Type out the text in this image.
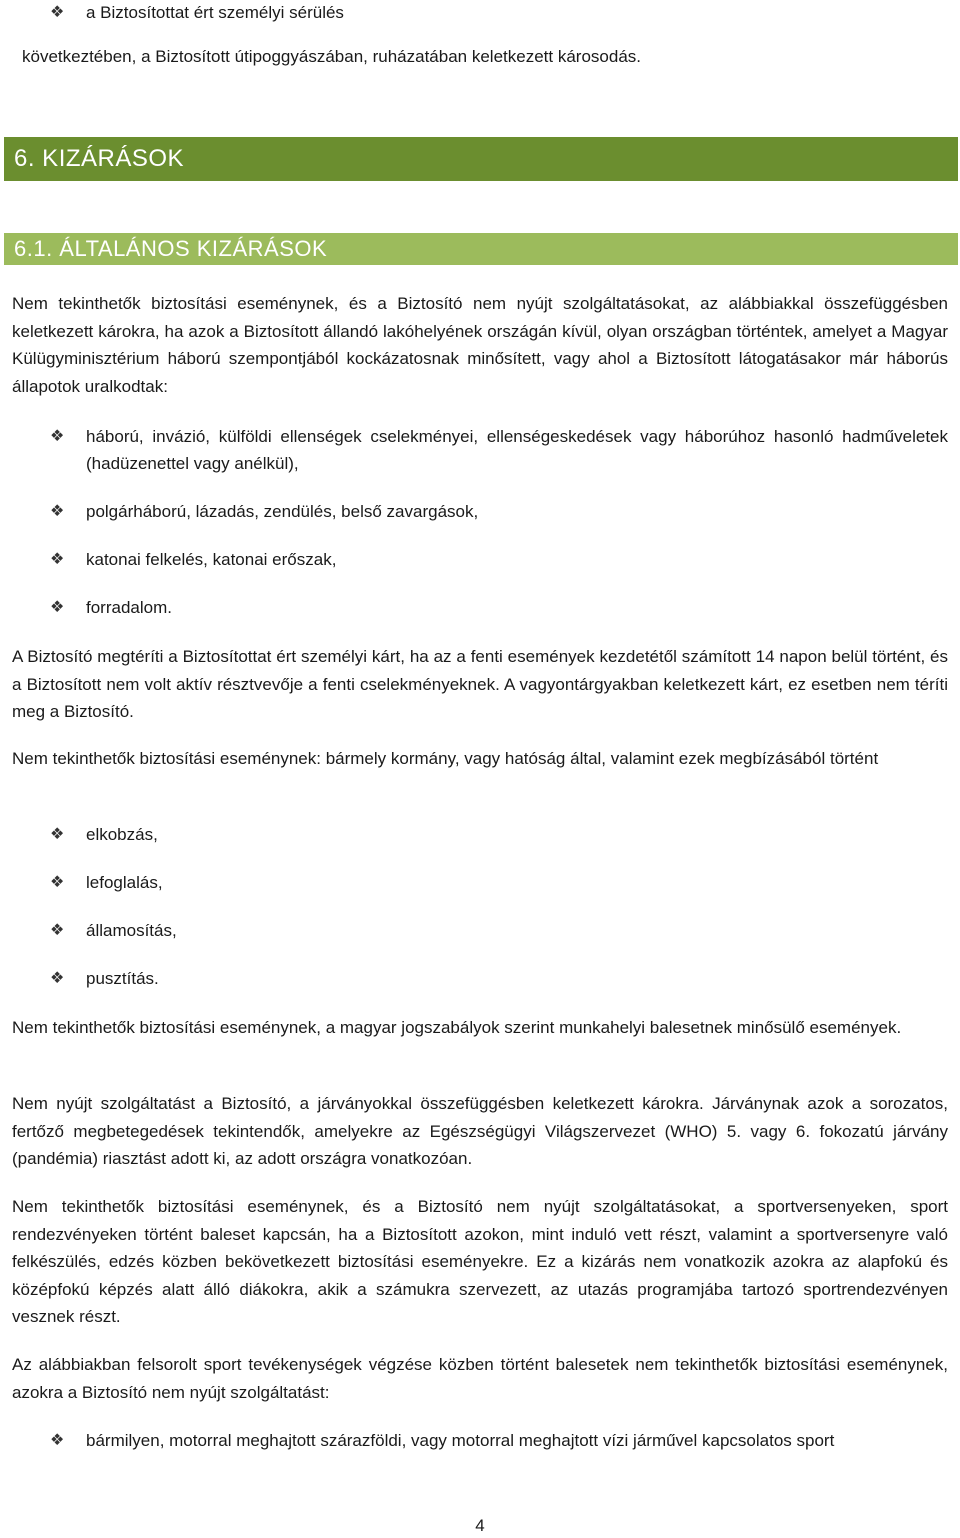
❖	a Biztosítottat ért személyi sérülés
következtében, a Biztosított útipoggyászában, ruházatában keletkezett károsodás.
6. KIZÁRÁSOK
6.1. ÁLTALÁNOS KIZÁRÁSOK
Nem tekinthetők biztosítási eseménynek, és a Biztosító nem nyújt szolgáltatásokat, az alábbiakkal összefüggésben keletkezett károkra, ha azok a Biztosított állandó lakóhelyének országán kívül, olyan országban történtek, amelyet a Magyar Külügyminisztérium háború szempontjából kockázatosnak minősített, vagy ahol a Biztosított látogatásakor már háborús állapotok uralkodtak:
❖	háború, invázió, külföldi ellenségek cselekményei, ellenségeskedések vagy háborúhoz hasonló hadműveletek (hadüzenettel vagy anélkül),
❖	polgárháború, lázadás, zendülés, belső zavargások,
❖	katonai felkelés, katonai erőszak,
❖	forradalom.
A Biztosító megtéríti a Biztosítottat ért személyi kárt, ha az a fenti események kezdetétől számított 14 napon belül történt, és a Biztosított nem volt aktív résztvevője a fenti cselekményeknek. A vagyontárgyakban keletkezett kárt, ez esetben nem téríti meg a Biztosító.
Nem tekinthetők biztosítási eseménynek: bármely kormány, vagy hatóság által, valamint ezek megbízásából történt
❖	elkobzás,
❖	lefoglalás,
❖	államosítás,
❖	pusztítás.
Nem tekinthetők biztosítási eseménynek, a magyar jogszabályok szerint munkahelyi balesetnek minősülő események.
Nem nyújt szolgáltatást a Biztosító, a járványokkal összefüggésben keletkezett károkra. Járványnak azok a sorozatos, fertőző megbetegedések tekintendők, amelyekre az Egészségügyi Világszervezet (WHO) 5. vagy 6. fokozatú járvány (pandémia) riasztást adott ki, az adott országra vonatkozóan.
Nem tekinthetők biztosítási eseménynek, és a Biztosító nem nyújt szolgáltatásokat, a sportversenyeken, sport rendezvényeken történt baleset kapcsán, ha a Biztosított azokon, mint induló vett részt, valamint a sportversenyre való felkészülés, edzés közben bekövetkezett biztosítási eseményekre. Ez a kizárás nem vonatkozik azokra az alapfokú és középfokú képzés alatt álló diákokra, akik a számukra szervezett, az utazás programjába tartozó sportrendezvényen vesznek részt.
Az alábbiakban felsorolt sport tevékenységek végzése közben történt balesetek nem tekinthetők biztosítási eseménynek, azokra a Biztosító nem nyújt szolgáltatást:
❖	bármilyen, motorral meghajtott szárazföldi, vagy motorral meghajtott vízi járművel kapcsolatos sport
4
